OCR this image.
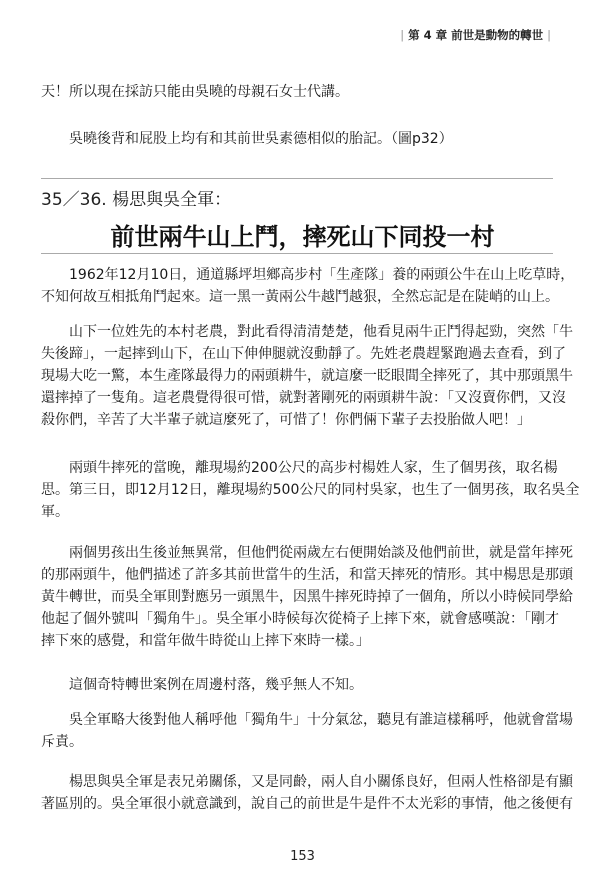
| 第 4 章 前世是動物的轉世 |
天！所以現在採訪只能由吳曉的母親石女士代講。
吳曉後背和屁股上均有和其前世吳素德相似的胎記。（圖p32）
35／36. 楊思與吳全軍：
前世兩牛山上鬥，摔死山下同投一村
1962年12月10日，通道縣坪坦鄉高步村「生產隊」養的兩頭公牛在山上吃草時，
不知何故互相抵角鬥起來。這一黑一黃兩公牛越鬥越狠，全然忘記是在陡峭的山上。
山下一位姓先的本村老農，對此看得清清楚楚，他看見兩牛正鬥得起勁，突然「牛
失後蹄」，一起摔到山下，在山下伸伸腿就沒動靜了。先姓老農趕緊跑過去查看，到了
現場大吃一驚，本生產隊最得力的兩頭耕牛，就這麼一眨眼間全摔死了，其中那頭黑牛
還摔掉了一隻角。這老農覺得很可惜，就對著剛死的兩頭耕牛說：「又沒賣你們，又沒
殺你們，辛苦了大半輩子就這麼死了，可惜了！你們倆下輩子去投胎做人吧！」
兩頭牛摔死的當晚，離現場約200公尺的高步村楊姓人家，生了個男孩，取名楊
思。第三日，即12月12日，離現場約500公尺的同村吳家，也生了一個男孩，取名吳全
軍。
兩個男孩出生後並無異常，但他們從兩歲左右便開始談及他們前世，就是當年摔死
的那兩頭牛，他們描述了許多其前世當牛的生活，和當天摔死的情形。其中楊思是那頭
黃牛轉世，而吳全軍則對應另一頭黑牛，因黑牛摔死時掉了一個角，所以小時候同學給
他起了個外號叫「獨角牛」。吳全軍小時候每次從椅子上摔下來，就會感嘆說：「剛才
摔下來的感覺，和當年做牛時從山上摔下來時一樣。」
這個奇特轉世案例在周邊村落，幾乎無人不知。
吳全軍略大後對他人稱呼他「獨角牛」十分氣忿，聽見有誰這樣稱呼，他就會當場
斥責。
楊思與吳全軍是表兄弟關係，又是同齡，兩人自小關係良好，但兩人性格卻是有顯
著區別的。吳全軍很小就意識到，說自己的前世是牛是件不太光彩的事情，他之後便有
153
